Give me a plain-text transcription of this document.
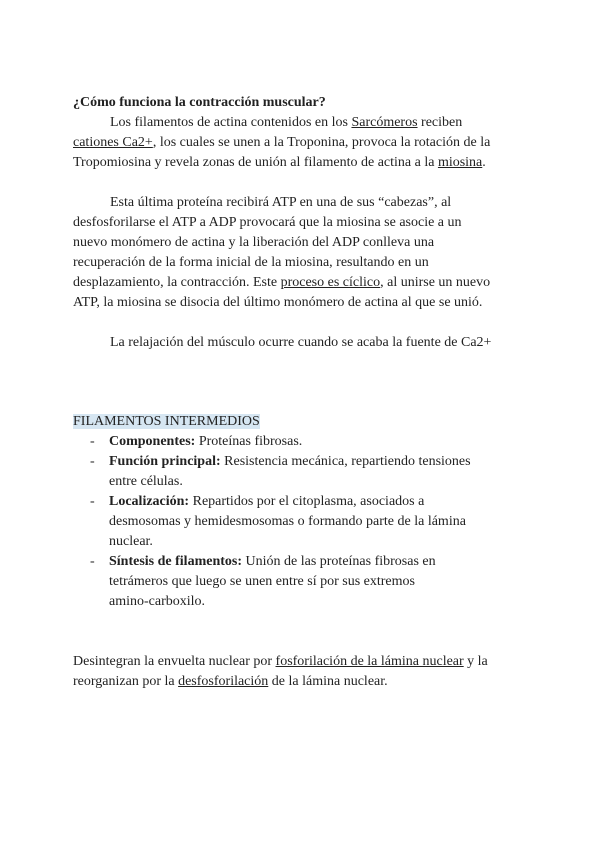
¿Cómo funciona la contracción muscular?
Los filamentos de actina contenidos en los Sarcómeros reciben
cationes Ca2+, los cuales se unen a la Troponina, provoca la rotación de la
Tropomiosina y revela zonas de unión al filamento de actina a la miosina.
Esta última proteína recibirá ATP en una de sus “cabezas”, al
desfosforilarse el ATP a ADP provocará que la miosina se asocie a un
nuevo monómero de actina y la liberación del ADP conlleva una
recuperación de la forma inicial de la miosina, resultando en un
desplazamiento, la contracción. Este proceso es cíclico, al unirse un nuevo
ATP, la miosina se disocia del último monómero de actina al que se unió.
La relajación del músculo ocurre cuando se acaba la fuente de Ca2+
FILAMENTOS INTERMEDIOS
- Componentes: Proteínas fibrosas.
- Función principal: Resistencia mecánica, repartiendo tensiones
entre células.
- Localización: Repartidos por el citoplasma, asociados a
desmosomas y hemidesmosomas o formando parte de la lámina
nuclear.
- Síntesis de filamentos: Unión de las proteínas fibrosas en
tetrámeros que luego se unen entre sí por sus extremos
amino-carboxilo.
Desintegran la envuelta nuclear por fosforilación de la lámina nuclear y la
reorganizan por la desfosforilación de la lámina nuclear.
